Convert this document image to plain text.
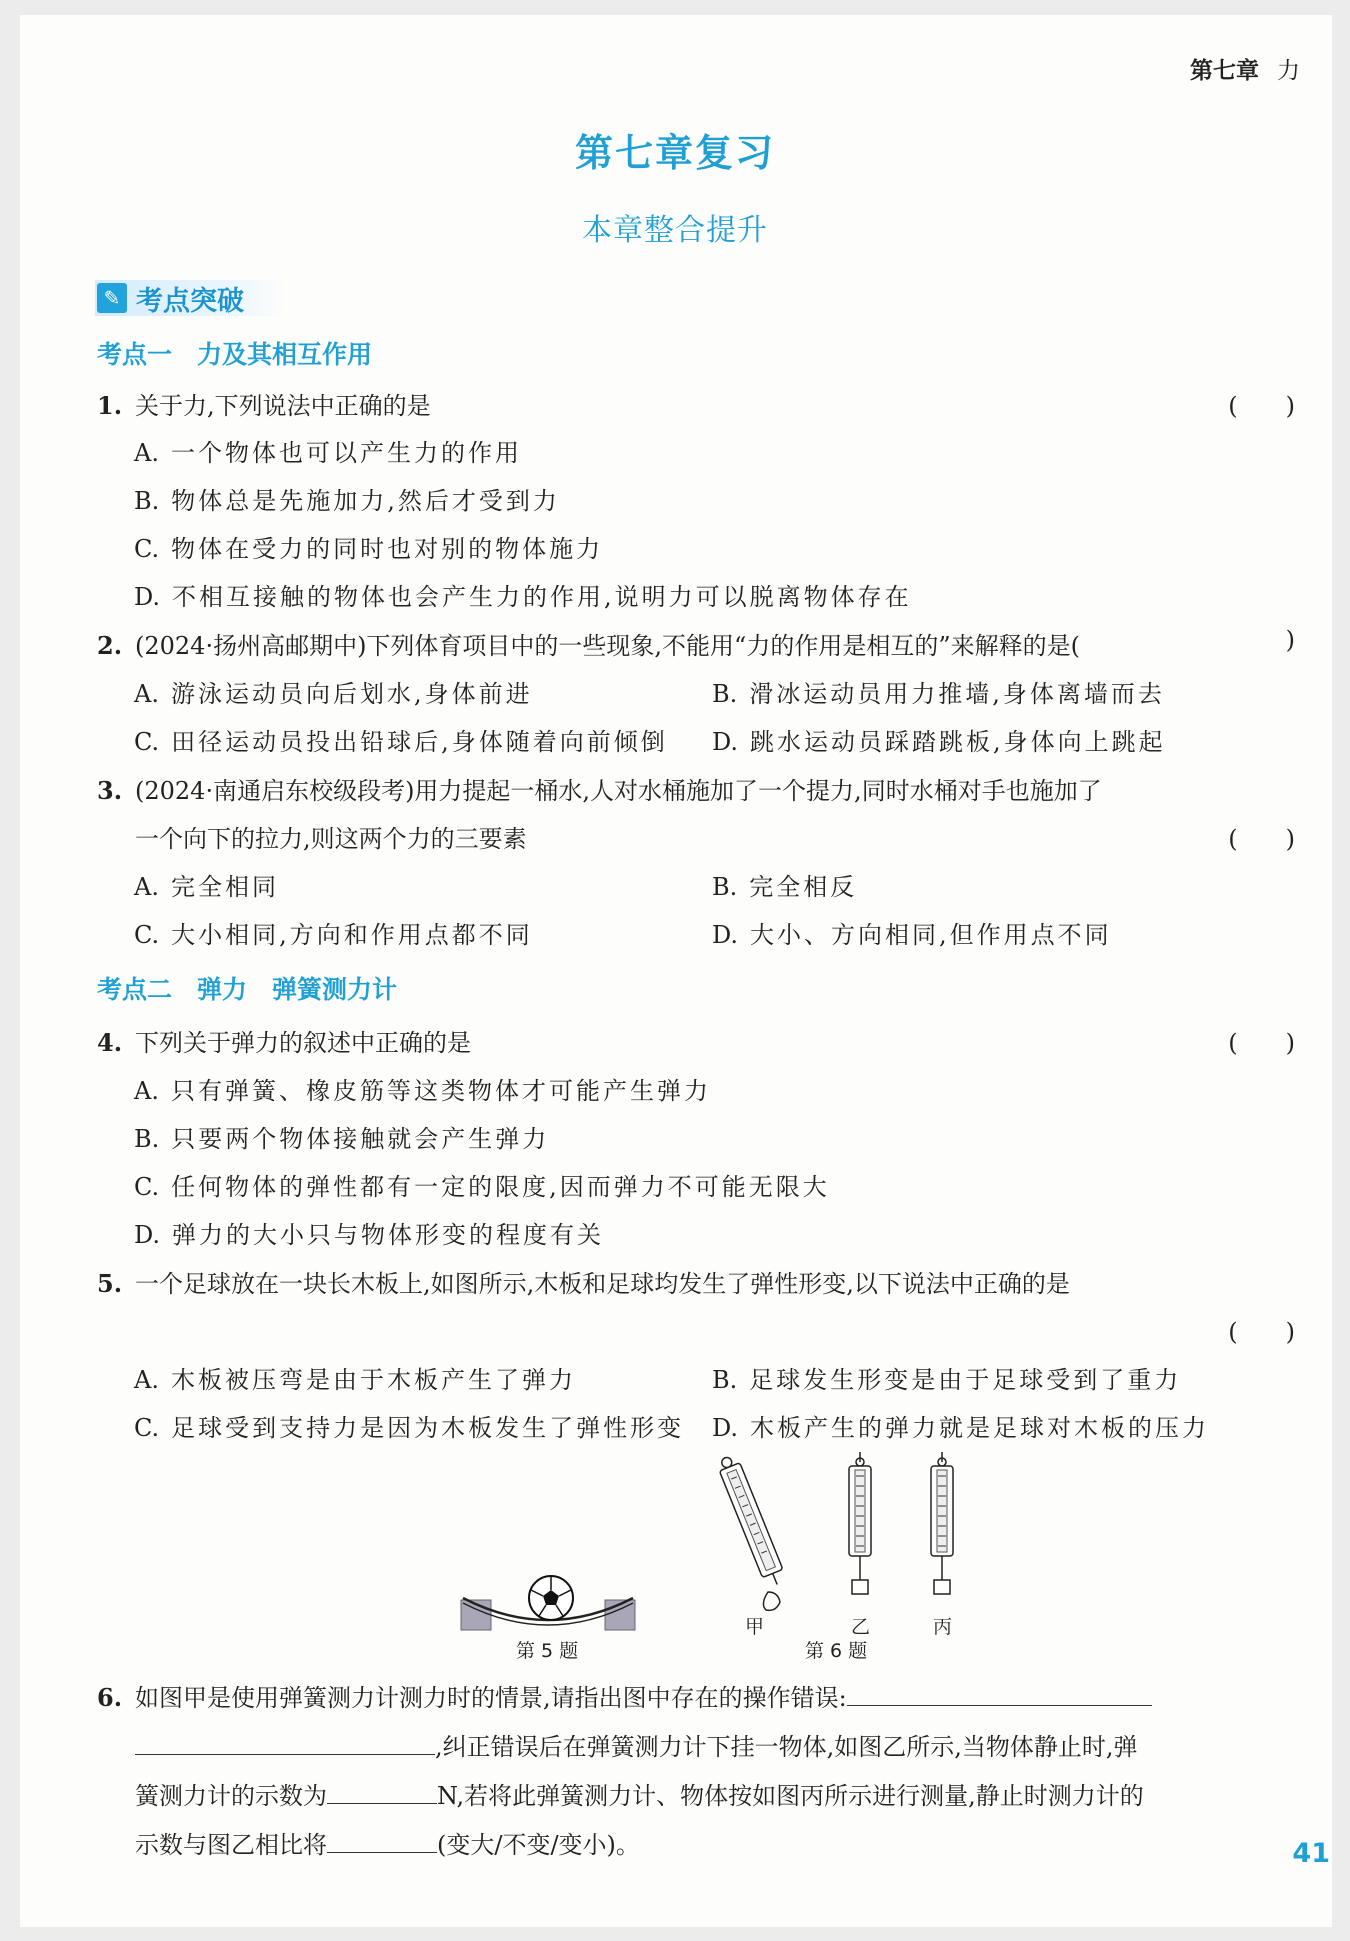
第七章 力
第七章复习
本章整合提升
✎ 考点突破
考点一　力及其相互作用
1. 关于力,下列说法中正确的是	(　　)
A. 一个物体也可以产生力的作用
B. 物体总是先施加力,然后才受到力
C. 物体在受力的同时也对别的物体施力
D. 不相互接触的物体也会产生力的作用,说明力可以脱离物体存在
2. (2024·扬州高邮期中)下列体育项目中的一些现象,不能用“力的作用是相互的”来解释的是(	)
A. 游泳运动员向后划水,身体前进	B. 滑冰运动员用力推墙,身体离墙而去
C. 田径运动员投出铅球后,身体随着向前倾倒 D. 跳水运动员踩踏跳板,身体向上跳起
3. (2024·南通启东校级段考)用力提起一桶水,人对水桶施加了一个提力,同时水桶对手也施加了
一个向下的拉力,则这两个力的三要素	(　　)
A. 完全相同	B. 完全相反
C. 大小相同,方向和作用点都不同	D. 大小、方向相同,但作用点不同
考点二　弹力　弹簧测力计
4. 下列关于弹力的叙述中正确的是	(　　)
A. 只有弹簧、橡皮筋等这类物体才可能产生弹力
B. 只要两个物体接触就会产生弹力
C. 任何物体的弹性都有一定的限度,因而弹力不可能无限大
D. 弹力的大小只与物体形变的程度有关
5. 一个足球放在一块长木板上,如图所示,木板和足球均发生了弹性形变,以下说法中正确的是
(　　)
A. 木板被压弯是由于木板产生了弹力	B. 足球发生形变是由于足球受到了重力
C. 足球受到支持力是因为木板发生了弹性形变 D. 木板产生的弹力就是足球对木板的压力
第 5 题
甲	乙	丙
第 6 题
6. 如图甲是使用弹簧测力计测力时的情景,请指出图中存在的操作错误:
,纠正错误后在弹簧测力计下挂一物体,如图乙所示,当物体静止时,弹
簧测力计的示数为	N,若将此弹簧测力计、物体按如图丙所示进行测量,静止时测力计的
示数与图乙相比将	(变大/不变/变小)。	41
